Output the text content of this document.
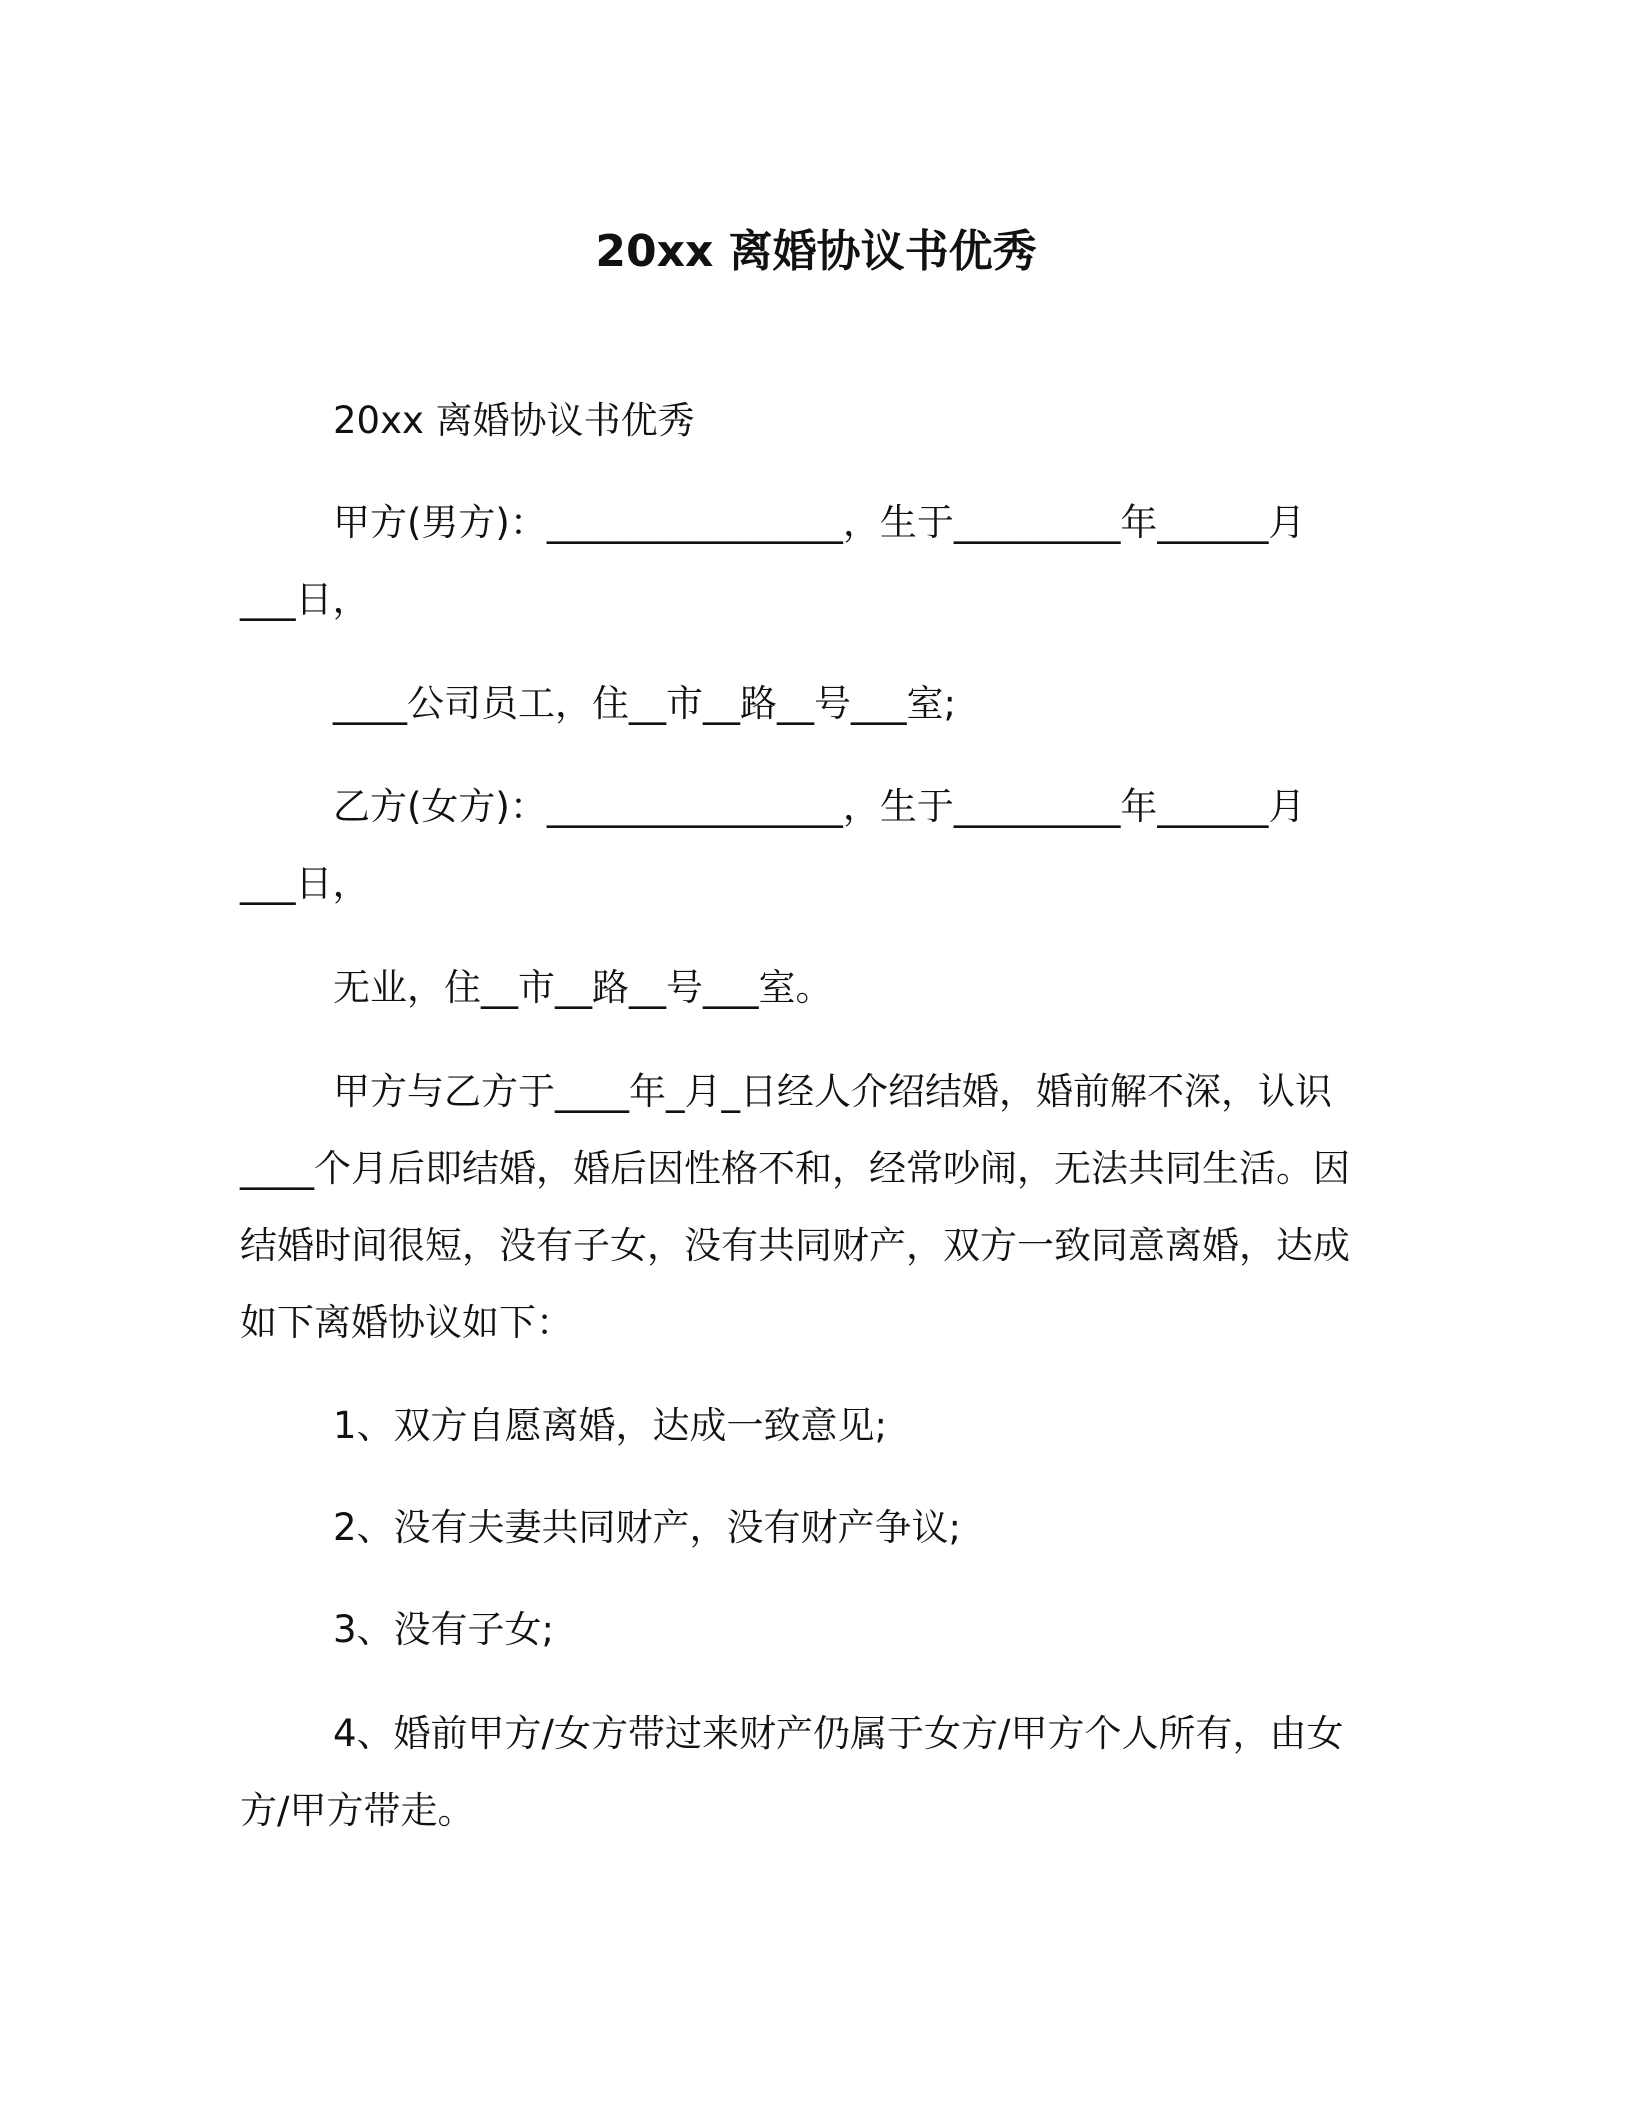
20xx 离婚协议书优秀
20xx 离婚协议书优秀
甲方(男方)：________________，生于_________年______月
___日，
____公司员工，住__市__路__号___室;
乙方(女方)：________________，生于_________年______月
___日，
无业，住__市__路__号___室。
甲方与乙方于____年_月_日经人介绍结婚，婚前解不深，认识
____个月后即结婚，婚后因性格不和，经常吵闹，无法共同生活。因
结婚时间很短，没有子女，没有共同财产，双方一致同意离婚，达成
如下离婚协议如下：
1、双方自愿离婚，达成一致意见;
2、没有夫妻共同财产，没有财产争议;
3、没有子女;
4、婚前甲方/女方带过来财产仍属于女方/甲方个人所有，由女
方/甲方带走。
